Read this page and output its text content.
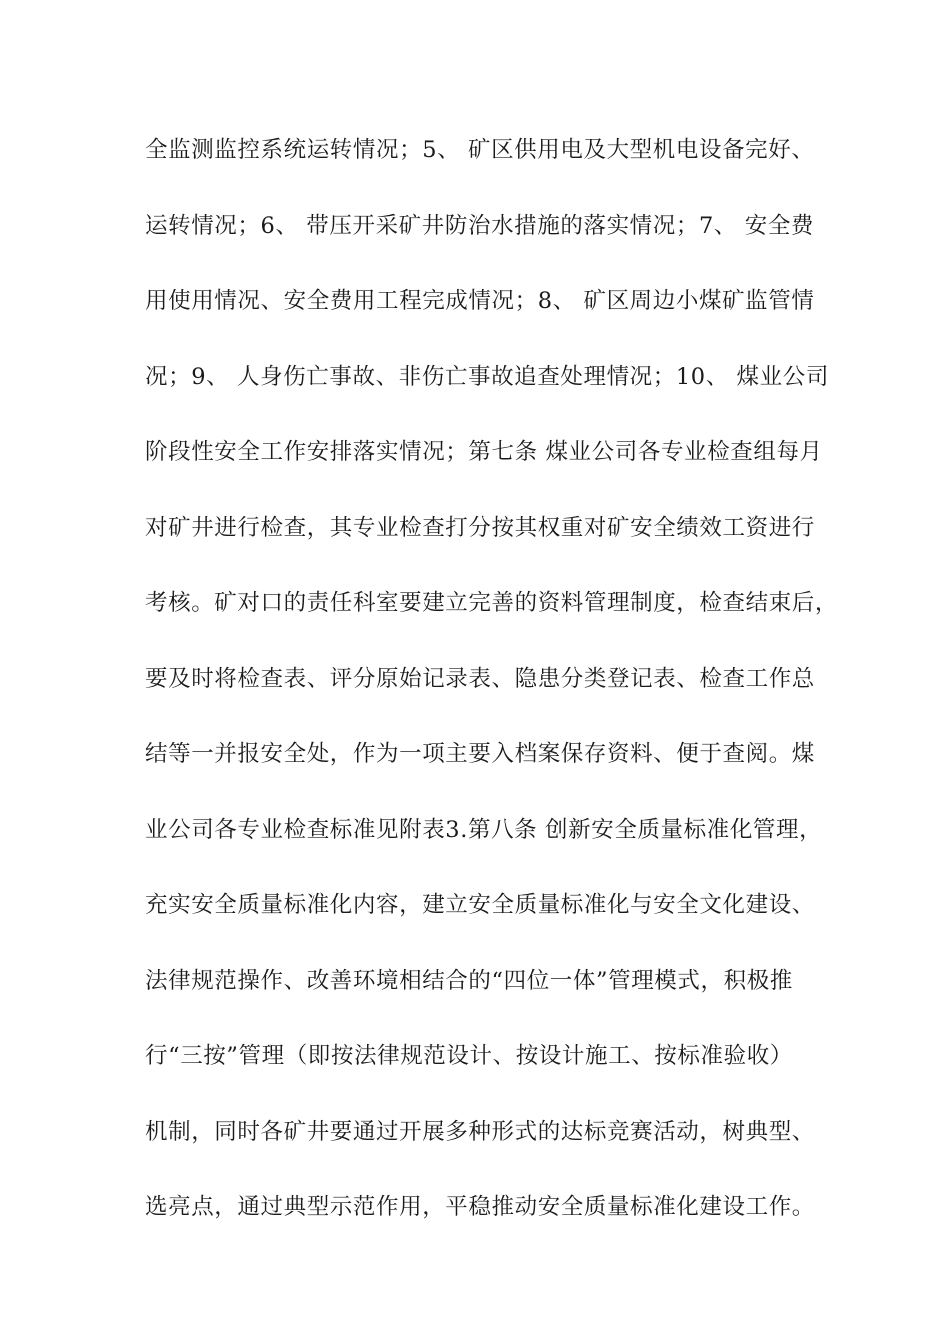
全监测监控系统运转情况；5、 矿区供用电及大型机电设备完好、
运转情况；6、 带压开采矿井防治水措施的落实情况；7、 安全费
用使用情况、安全费用工程完成情况；8、 矿区周边小煤矿监管情
况；9、 人身伤亡事故、非伤亡事故追查处理情况；10、 煤业公司
阶段性安全工作安排落实情况；第七条 煤业公司各专业检查组每月
对矿井进行检查，其专业检查打分按其权重对矿安全绩效工资进行
考核。矿对口的责任科室要建立完善的资料管理制度，检查结束后，
要及时将检查表、评分原始记录表、隐患分类登记表、检查工作总
结等一并报安全处，作为一项主要入档案保存资料、便于查阅。煤
业公司各专业检查标准见附表3.第八条 创新安全质量标准化管理，
充实安全质量标准化内容，建立安全质量标准化与安全文化建设、
法律规范操作、改善环境相结合的“四位一体”管理模式，积极推
行“三按”管理（即按法律规范设计、按设计施工、按标准验收）
机制，同时各矿井要通过开展多种形式的达标竞赛活动，树典型、
选亮点，通过典型示范作用，平稳推动安全质量标准化建设工作。
